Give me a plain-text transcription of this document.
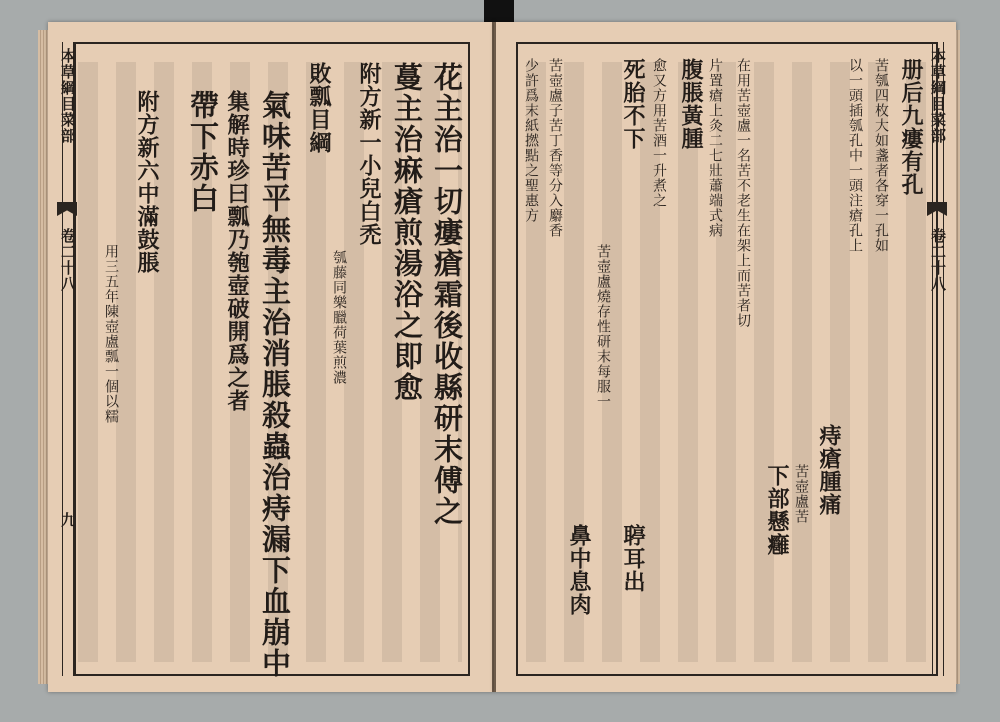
本草綱目菜部
卷二十八
九	花主治一切瘻瘡霜後收縣研末傅之
蔓主治痳瘡煎湯浴之即愈
附方新一小兒白禿
瓠藤同樂臘荷葉煎濃
敗瓢目綱
氣味苦平無毒主治消脹殺蟲治痔漏下血崩中
集解時珍曰瓢乃匏壺破開爲之者
帶下赤白
附方新六中滿鼓脹
用三五年陳壺盧瓢一個以糯
本草綱目菜部
卷二十八
册后九瘻有孔
苦瓠四枚大如盞者各穿一孔如
以一頭插瓠孔中一頭注瘡孔上
痔瘡腫痛
苦壺盧苦
下部懸癰
在用苦壺盧一名苦不老生在架上而苦者切
片置瘡上灸二七壯蕭端式病
腹脹黃腫
愈又方用苦酒一升煮之
死胎不下
苦壺盧燒存性研末每服一
聤耳出
鼻中息肉
苦壺盧子苦丁香等分入麝香
少許爲末紙撚點之聖惠方
